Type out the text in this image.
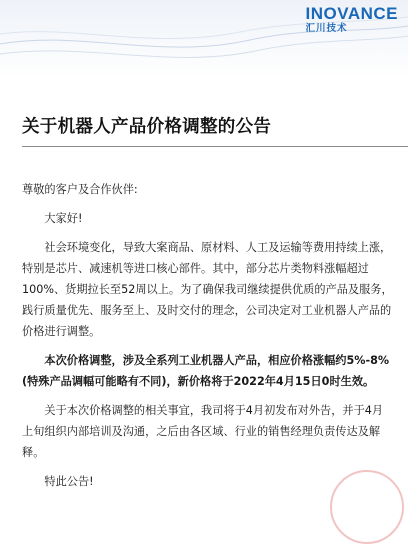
INOVANCE
汇川技术
关于机器人产品价格调整的公告

尊敬的客户及合作伙伴:

大家好!

社会环境变化，导致大案商品、原材料、人工及运输等费用持续上涨，特别是芯片、减速机等进口核心部件。其中，部分芯片类物料涨幅超过100%、货期拉长至52周以上。为了确保我司继续提供优质的产品及服务，践行质量优先、服务至上、及时交付的理念，公司决定对工业机器人产品的价格进行调整。

本次价格调整，涉及全系列工业机器人产品，相应价格涨幅约5%-8%(特殊产品调幅可能略有不同)，新价格将于2022年4月15日0时生效。

关于本次价格调整的相关事宜，我司将于4月初发布对外告，并于4月上旬组织内部培训及沟通，之后由各区域、行业的销售经理负责传达及解释。

特此公告!
